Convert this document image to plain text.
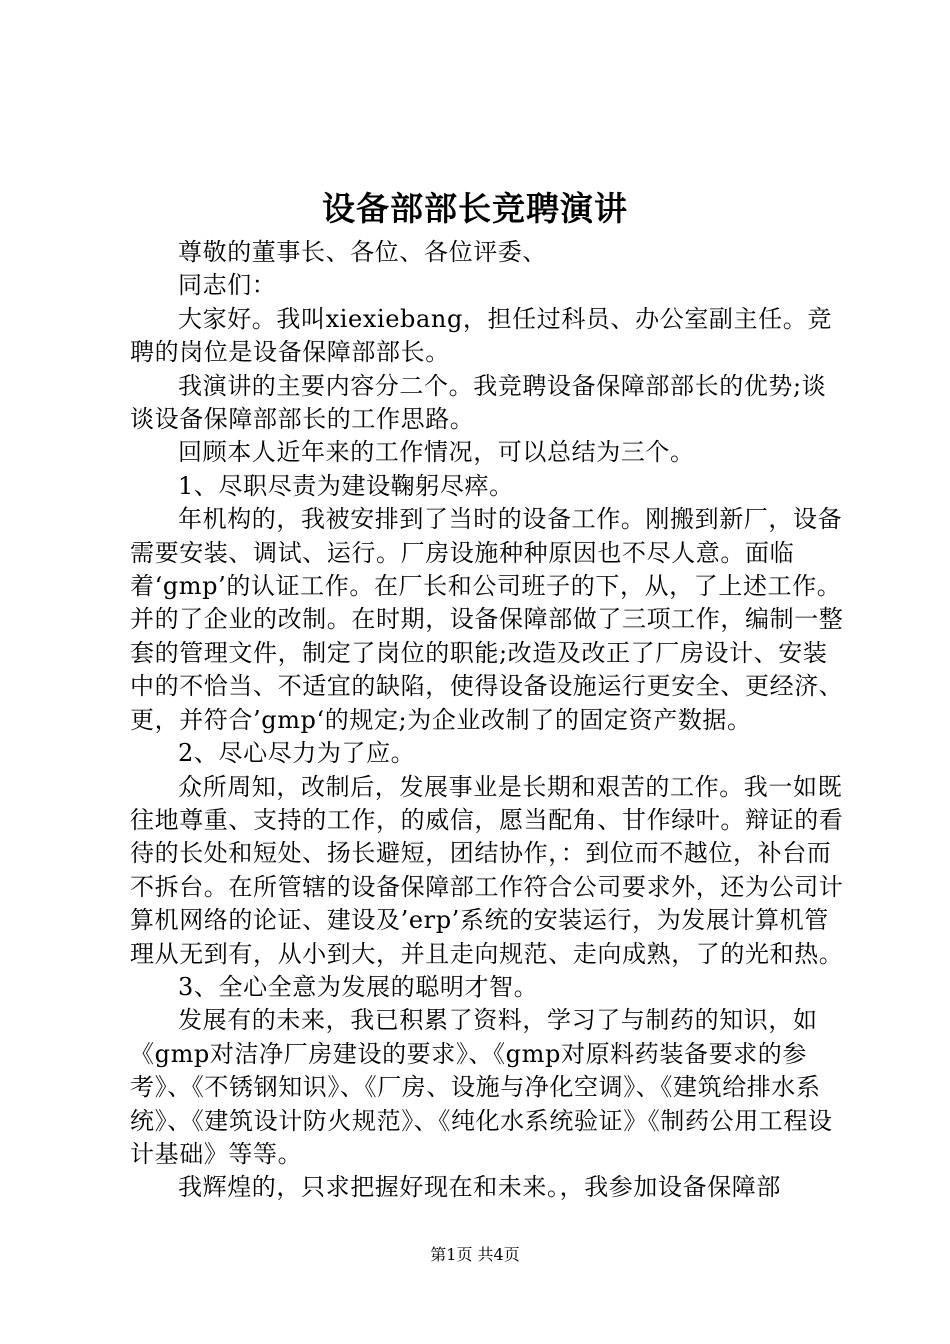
设备部部长竞聘演讲

尊敬的董事长、各位、各位评委、

同志们：

大家好。我叫xiexiebang，担任过科员、办公室副主任。竞聘的岗位是设备保障部部长。

我演讲的主要内容分二个。我竞聘设备保障部部长的优势;谈谈设备保障部部长的工作思路。

回顾本人近年来的工作情况，可以总结为三个。

1、尽职尽责为建设鞠躬尽瘁。

年机构的，我被安排到了当时的设备工作。刚搬到新厂，设备需要安装、调试、运行。厂房设施种种原因也不尽人意。面临着‘gmp’的认证工作。在厂长和公司班子的下，从，了上述工作。并的了企业的改制。在时期，设备保障部做了三项工作，编制一整套的管理文件，制定了岗位的职能;改造及改正了厂房设计、安装中的不恰当、不适宜的缺陷，使得设备设施运行更安全、更经济、更，并符合’gmp‘的规定;为企业改制了的固定资产数据。

2、尽心尽力为了应。

众所周知，改制后，发展事业是长期和艰苦的工作。我一如既往地尊重、支持的工作，的威信，愿当配角、甘作绿叶。辩证的看待的长处和短处、扬长避短，团结协作，：到位而不越位，补台而不拆台。在所管辖的设备保障部工作符合公司要求外，还为公司计算机网络的论证、建设及’erp’系统的安装运行，为发展计算机管理从无到有，从小到大，并且走向规范、走向成熟，了的光和热。

3、全心全意为发展的聪明才智。

发展有的未来，我已积累了资料，学习了与制药的知识，如《gmp对洁净厂房建设的要求》、《gmp对原料药装备要求的参考》、《不锈钢知识》、《厂房、设施与净化空调》、《建筑给排水系统》、《建筑设计防火规范》、《纯化水系统验证》《制药公用工程设计基础》等等。

我辉煌的，只求把握好现在和未来。，我参加设备保障部

第1页 共4页
